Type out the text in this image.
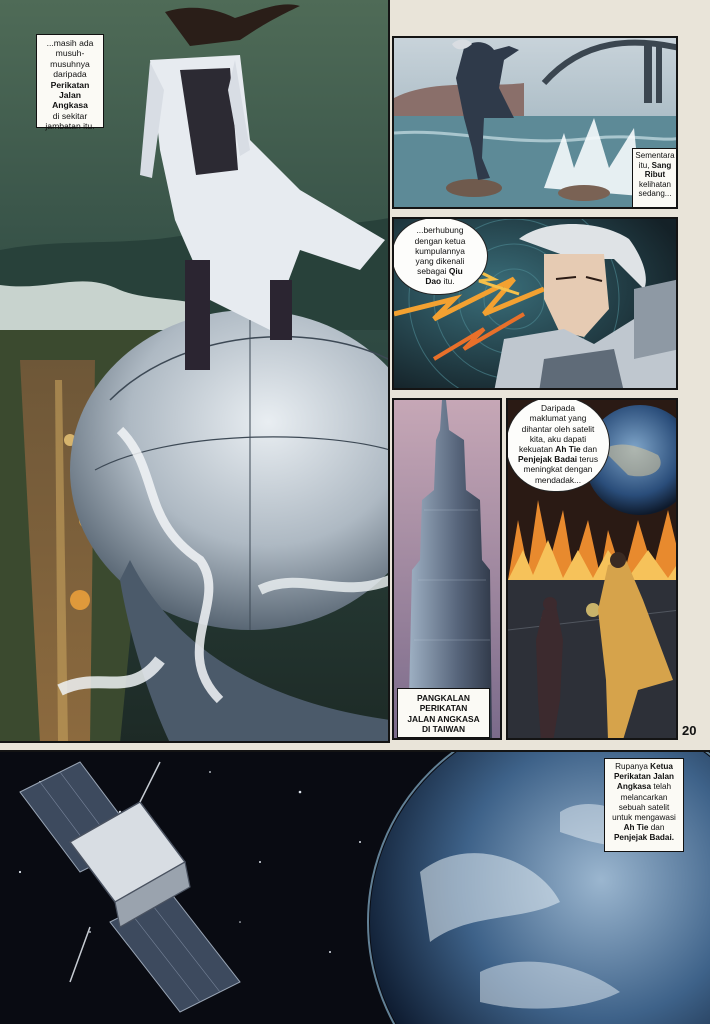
...masih ada
musuh-
musuhnya
daripada
Perikatan
Jalan Angkasa
di sekitar
jambatan itu.
Sementara
itu, Sang
Ribut
kelihatan
sedang...
...berhubung
dengan ketua
kumpulannya
yang dikenali
sebagai Qiu
Dao itu.
PANGKALAN
PERIKATAN
JALAN ANGKASA
DI TAIWAN
Daripada
maklumat yang
dihantar oleh satelit
kita, aku dapati
kekuatan Ah Tie dan
Penjejak Badai terus
meningkat dengan
mendadak...
20
Rupanya Ketua
Perikatan Jalan
Angkasa telah
melancarkan
sebuah satelit
untuk mengawasi
Ah Tie dan
Penjejak Badai.
